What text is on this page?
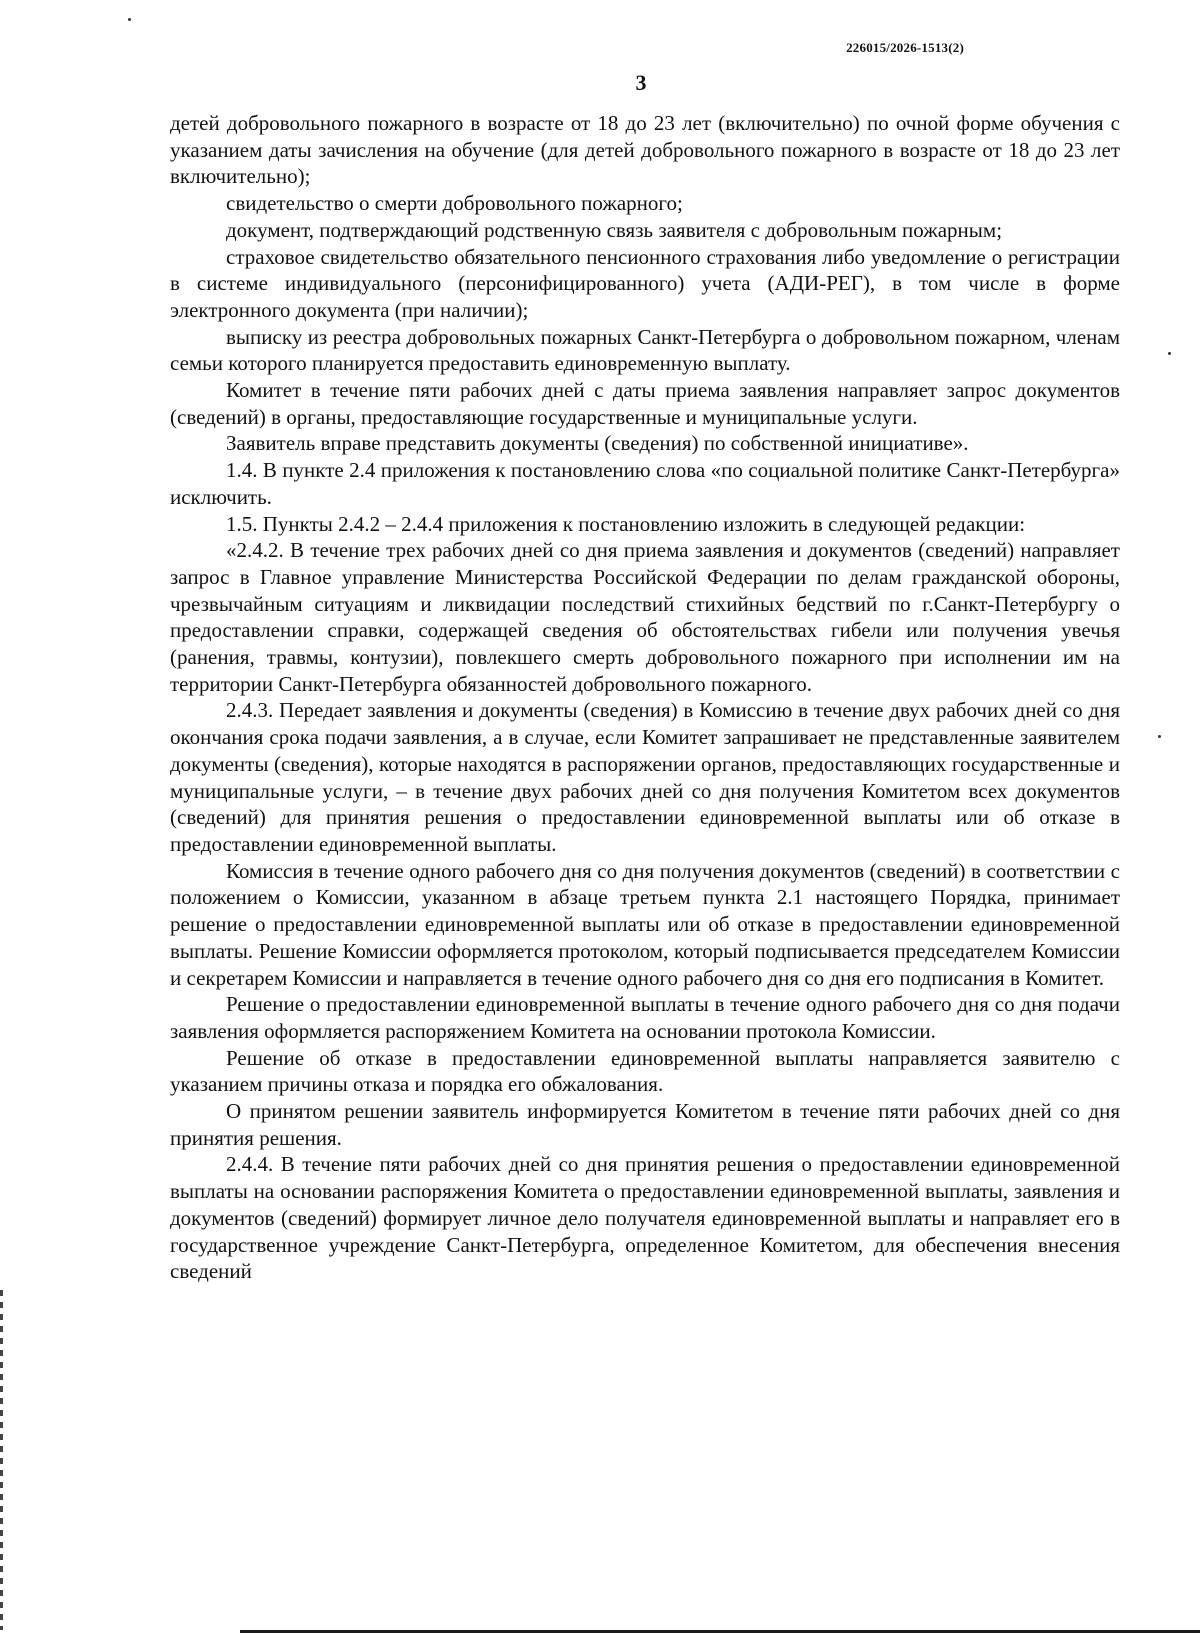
226015/2026-1513(2)
3

детей добровольного пожарного в возрасте от 18 до 23 лет (включительно) по очной форме обучения с указанием даты зачисления на обучение (для детей добровольного пожарного в возрасте от 18 до 23 лет включительно);

свидетельство о смерти добровольного пожарного;

документ, подтверждающий родственную связь заявителя с добровольным пожарным;

страховое свидетельство обязательного пенсионного страхования либо уведомление о регистрации в системе индивидуального (персонифицированного) учета (АДИ-РЕГ), в том числе в форме электронного документа (при наличии);

выписку из реестра добровольных пожарных Санкт-Петербурга о добровольном пожарном, членам семьи которого планируется предоставить единовременную выплату.

Комитет в течение пяти рабочих дней с даты приема заявления направляет запрос документов (сведений) в органы, предоставляющие государственные и муниципальные услуги.

Заявитель вправе представить документы (сведения) по собственной инициативе».

1.4. В пункте 2.4 приложения к постановлению слова «по социальной политике Санкт-Петербурга» исключить.

1.5. Пункты 2.4.2 – 2.4.4 приложения к постановлению изложить в следующей редакции:

«2.4.2. В течение трех рабочих дней со дня приема заявления и документов (сведений) направляет запрос в Главное управление Министерства Российской Федерации по делам гражданской обороны, чрезвычайным ситуациям и ликвидации последствий стихийных бедствий по г.Санкт-Петербургу о предоставлении справки, содержащей сведения об обстоятельствах гибели или получения увечья (ранения, травмы, контузии), повлекшего смерть добровольного пожарного при исполнении им на территории Санкт-Петербурга обязанностей добровольного пожарного.

2.4.3. Передает заявления и документы (сведения) в Комиссию в течение двух рабочих дней со дня окончания срока подачи заявления, а в случае, если Комитет запрашивает не представленные заявителем документы (сведения), которые находятся в распоряжении органов, предоставляющих государственные и муниципальные услуги, – в течение двух рабочих дней со дня получения Комитетом всех документов (сведений) для принятия решения о предоставлении единовременной выплаты или об отказе в предоставлении единовременной выплаты.

Комиссия в течение одного рабочего дня со дня получения документов (сведений) в соответствии с положением о Комиссии, указанном в абзаце третьем пункта 2.1 настоящего Порядка, принимает решение о предоставлении единовременной выплаты или об отказе в предоставлении единовременной выплаты. Решение Комиссии оформляется протоколом, который подписывается председателем Комиссии и секретарем Комиссии и направляется в течение одного рабочего дня со дня его подписания в Комитет.

Решение о предоставлении единовременной выплаты в течение одного рабочего дня со дня подачи заявления оформляется распоряжением Комитета на основании протокола Комиссии.

Решение об отказе в предоставлении единовременной выплаты направляется заявителю с указанием причины отказа и порядка его обжалования.

О принятом решении заявитель информируется Комитетом в течение пяти рабочих дней со дня принятия решения.

2.4.4. В течение пяти рабочих дней со дня принятия решения о предоставлении единовременной выплаты на основании распоряжения Комитета о предоставлении единовременной выплаты, заявления и документов (сведений) формирует личное дело получателя единовременной выплаты и направляет его в государственное учреждение Санкт-Петербурга, определенное Комитетом, для обеспечения внесения сведений
